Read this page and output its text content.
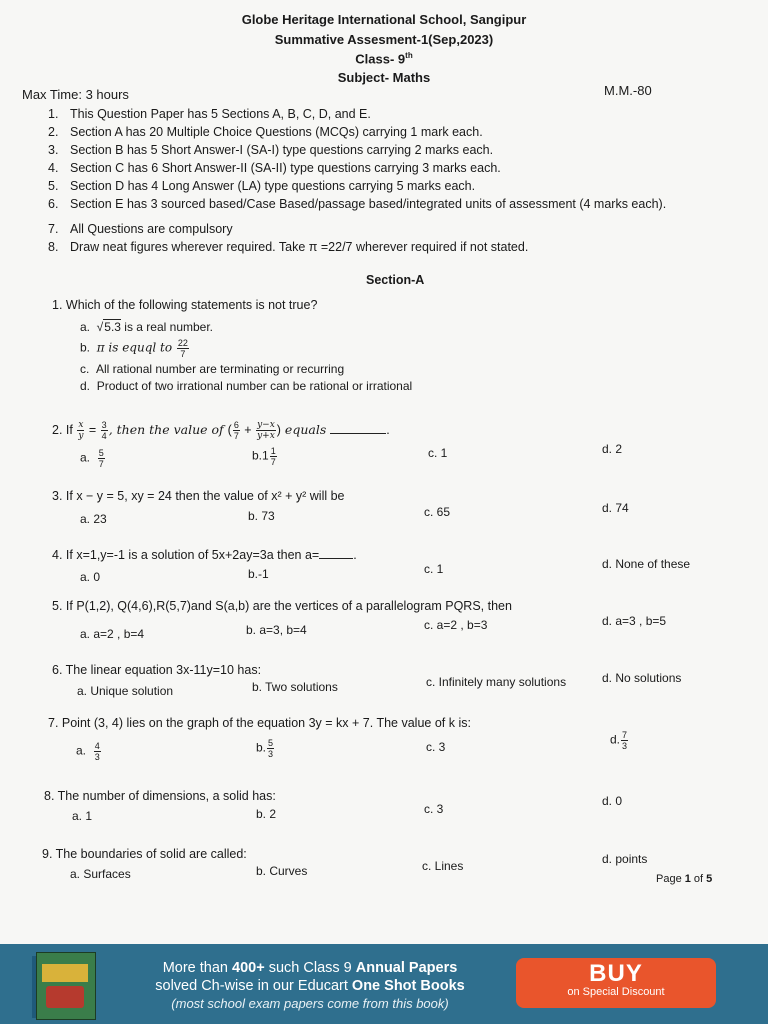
Globe Heritage International School, Sangipur
Summative Assesment-1(Sep,2023)
Class- 9th
Subject- Maths
Max Time: 3 hours	M.M.-80
1. This Question Paper has 5 Sections A, B, C, D, and E.
2. Section A has 20 Multiple Choice Questions (MCQs) carrying 1 mark each.
3. Section B has 5 Short Answer-I (SA-I) type questions carrying 2 marks each.
4. Section C has 6 Short Answer-II (SA-II) type questions carrying 3 marks each.
5. Section D has 4 Long Answer (LA) type questions carrying 5 marks each.
6. Section E has 3 sourced based/Case Based/passage based/integrated units of assessment (4 marks each).
7. All Questions are compulsory
8. Draw neat figures wherever required. Take π =22/7 wherever required if not stated.
Section-A
1. Which of the following statements is not true?
a.  √5.3 is a real number.
b. π is equql to $\frac{22}{7}$
c. All rational number are terminating or recurring
d. Product of two irrational number can be rational or irrational
2. If $\frac{x}{y} = \frac{3}{4}$ , then the value of ( $\frac{6}{7} + \frac{y-x}{y+x}$ ) equals	.
a. $\frac{5}{7}$	$b.1 \frac{1}{7}$	c. 1	d. 2
3. If x − y = 5, xy = 24 then the value of x² + y² will be
a. 23	b. 73	c. 65	d. 74
4. If x=1,y=-1 is a solution of 5x+2ay=3a then a=	.
a. 0	b.-1	c. 1	d. None of these
5. If P(1,2), Q(4,6),R(5,7)and S(a,b) are the vertices of a parallelogram PQRS, then
a. a=2 , b=4	b. a=3, b=4	c. a=2 , b=3	d. a=3 , b=5
6. The linear equation 3x-11y=10 has:
a. Unique solution	b. Two solutions	c. Infinitely many solutions	d. No solutions
7. Point (3, 4) lies on the graph of the equation 3y = kx + 7. The value of k is:
a. $\frac{4}{3}$	b. $\frac{5}{3}$	c. 3
d. $\frac{7}{3}$
8. The number of dimensions, a solid has:
a. 1	b. 2	c. 3
d. 0
9. The boundaries of solid are called:
a. Surfaces	b. Curves	c. Lines	d. points
Page 1 of 5
More than 400+ such Class 9 Annual Papers
solved Ch-wise in our Educart One Shot Books
(most school exam papers come from this book)
BUY
on Special Discount
